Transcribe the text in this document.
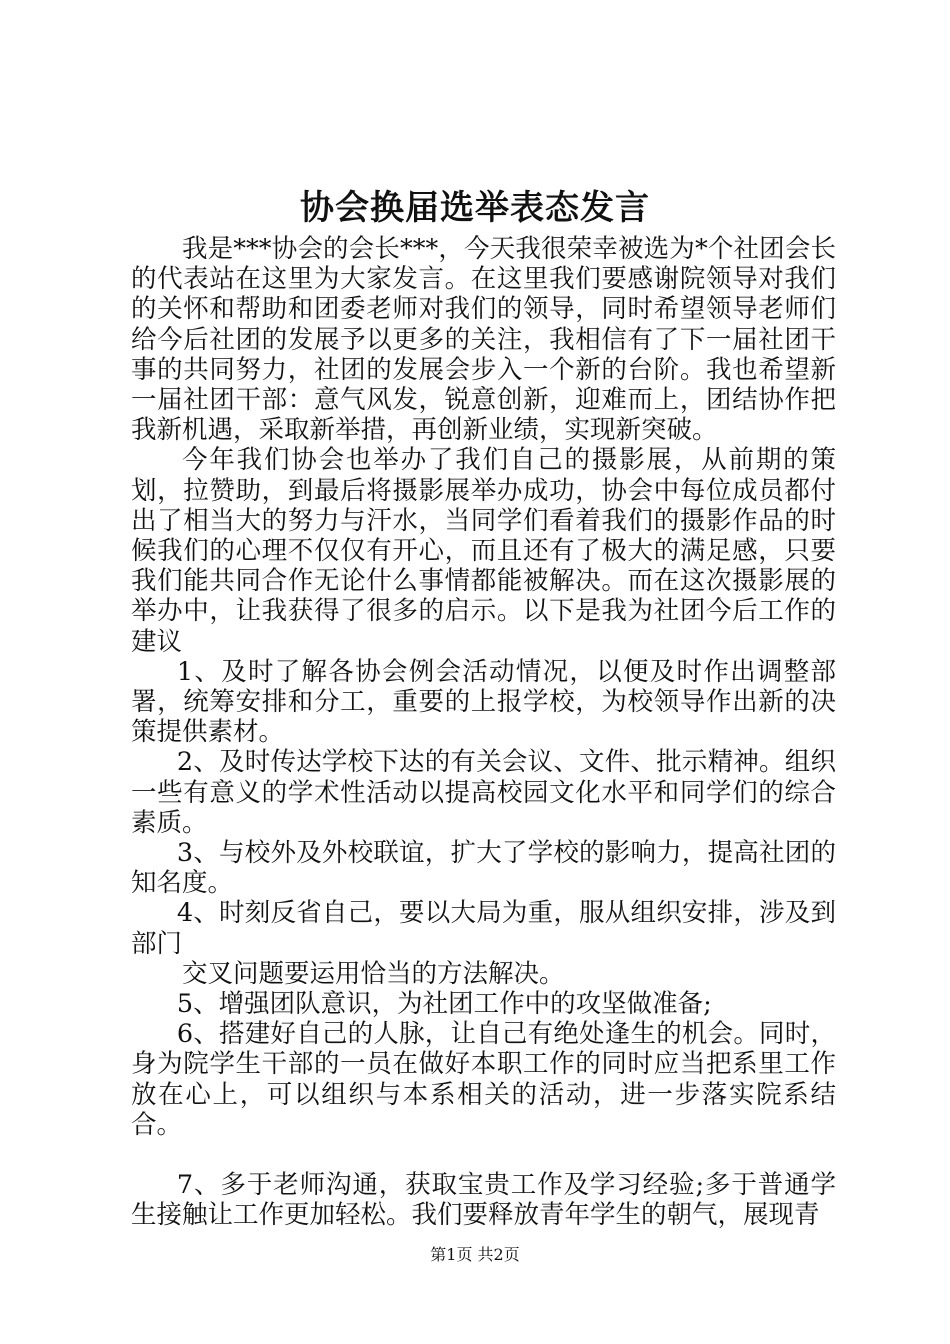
协会换届选举表态发言

我是***协会的会长***，今天我很荣幸被选为*个社团会长的代表站在这里为大家发言。在这里我们要感谢院领导对我们的关怀和帮助和团委老师对我们的领导，同时希望领导老师们给今后社团的发展予以更多的关注，我相信有了下一届社团干事的共同努力，社团的发展会步入一个新的台阶。我也希望新一届社团干部：意气风发，锐意创新，迎难而上，团结协作把我新机遇，采取新举措，再创新业绩，实现新突破。

今年我们协会也举办了我们自己的摄影展，从前期的策划，拉赞助，到最后将摄影展举办成功，协会中每位成员都付出了相当大的努力与汗水，当同学们看着我们的摄影作品的时候我们的心理不仅仅有开心，而且还有了极大的满足感，只要我们能共同合作无论什么事情都能被解决。而在这次摄影展的举办中，让我获得了很多的启示。以下是我为社团今后工作的建议

1、及时了解各协会例会活动情况，以便及时作出调整部署，统筹安排和分工，重要的上报学校，为校领导作出新的决策提供素材。

2、及时传达学校下达的有关会议、文件、批示精神。组织一些有意义的学术性活动以提高校园文化水平和同学们的综合素质。

3、与校外及外校联谊，扩大了学校的影响力，提高社团的知名度。

4、时刻反省自己，要以大局为重，服从组织安排，涉及到部门

交叉问题要运用恰当的方法解决。

5、增强团队意识，为社团工作中的攻坚做准备;

6、搭建好自己的人脉，让自己有绝处逢生的机会。同时，身为院学生干部的一员在做好本职工作的同时应当把系里工作放在心上，可以组织与本系相关的活动，进一步落实院系结合。

7、多于老师沟通，获取宝贵工作及学习经验;多于普通学生接触让工作更加轻松。我们要释放青年学生的朝气，展现青

第1页 共2页
